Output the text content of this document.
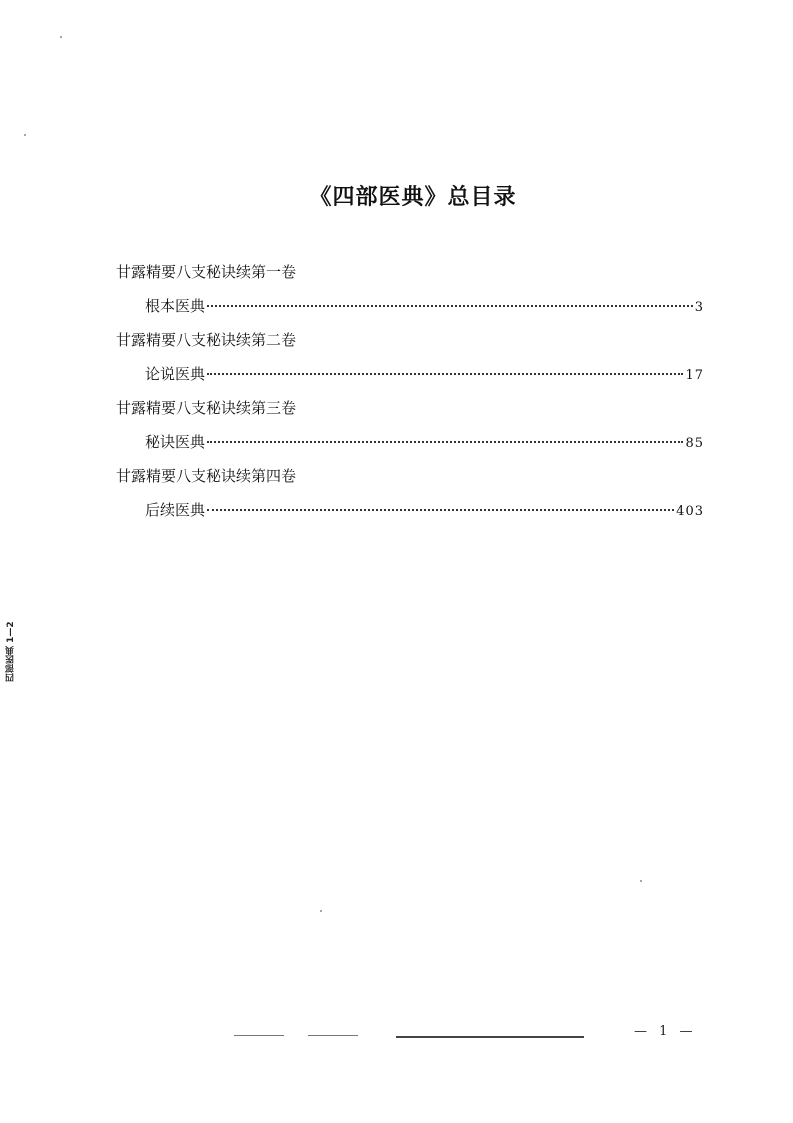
《四部医典》总目录
甘露精要八支秘诀续第一卷
根本医典	3
甘露精要八支秘诀续第二卷
论说医典	17
甘露精要八支秘诀续第三卷
秘诀医典	85
甘露精要八支秘诀续第四卷
后续医典	403
四部医典 1—2
— 1 —
